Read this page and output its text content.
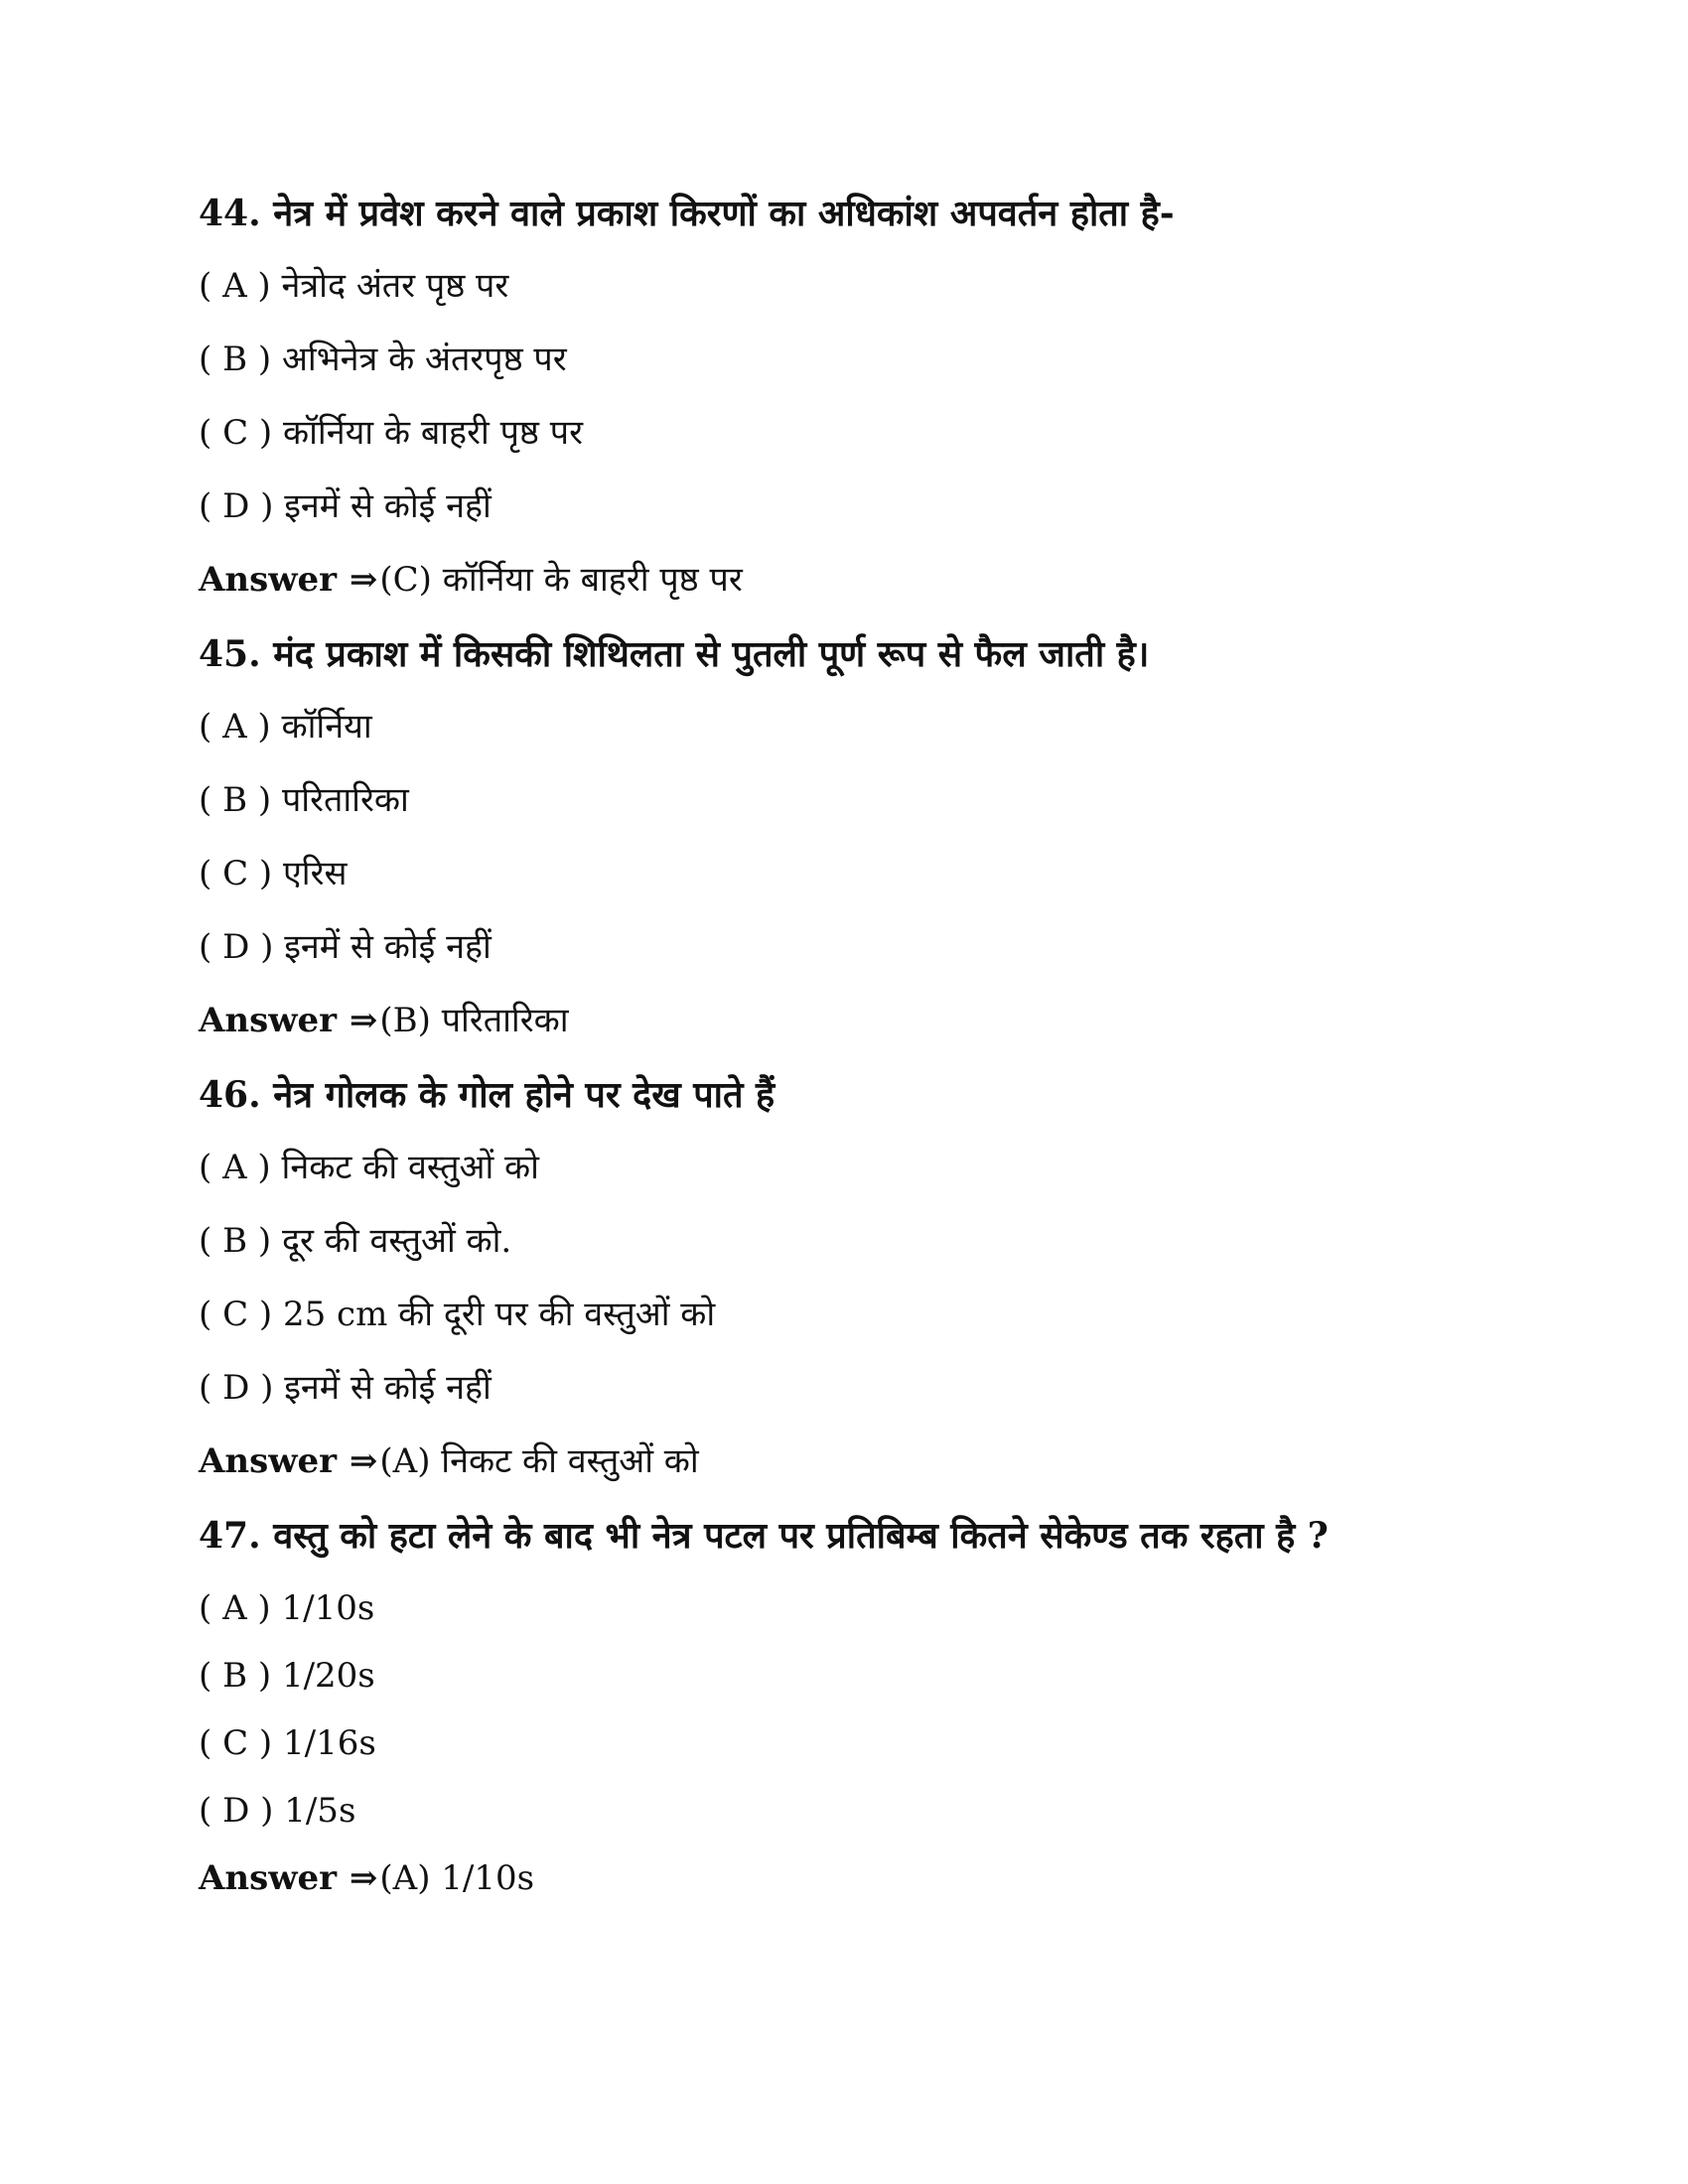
44. नेत्र में प्रवेश करने वाले प्रकाश किरणों का अधिकांश अपवर्तन होता है-

( A ) नेत्रोद अंतर पृष्ठ पर

( B ) अभिनेत्र के अंतरपृष्ठ पर

( C ) कॉर्निया के बाहरी पृष्ठ पर

( D ) इनमें से कोई नहीं

Answer ⇒(C) कॉर्निया के बाहरी पृष्ठ पर

45. मंद प्रकाश में किसकी शिथिलता से पुतली पूर्ण रूप से फैल जाती है।

( A ) कॉर्निया

( B ) परितारिका

( C ) एरिस

( D ) इनमें से कोई नहीं

Answer ⇒(B) परितारिका

46. नेत्र गोलक के गोल होने पर देख पाते हैं

( A ) निकट की वस्तुओं को

( B ) दूर की वस्तुओं को.

( C ) 25 cm की दूरी पर की वस्तुओं को

( D ) इनमें से कोई नहीं

Answer ⇒(A) निकट की वस्तुओं को

47. वस्तु को हटा लेने के बाद भी नेत्र पटल पर प्रतिबिम्ब कितने सेकेण्ड तक रहता है ?

( A ) 1/10s

( B ) 1/20s

( C ) 1/16s

( D ) 1/5s

Answer ⇒(A) 1/10s
